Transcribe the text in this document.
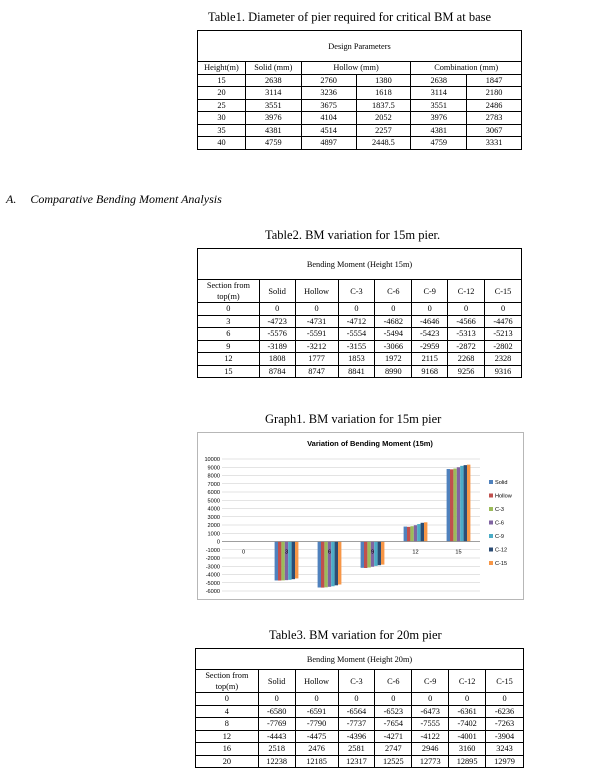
Table1. Diameter of pier required for critical BM at base
Design Parameters					
Height(m)	Solid (mm)	Hollow (mm)		Combination (mm)	
15	2638	2760	1380	2638	1847
20	3114	3236	1618	3114	2180
25	3551	3675	1837.5	3551	2486
30	3976	4104	2052	3976	2783
35	4381	4514	2257	4381	3067
40	4759	4897	2448.5	4759	3331
A. Comparative Bending Moment Analysis
Table2. BM variation for 15m pier.
Bending Moment (Height 15m)							
Section from top(m)	Solid	Hollow	C-3	C-6	C-9	C-12	C-15
0	0	0	0	0	0	0	0
3	-4723	-4731	-4712	-4682	-4646	-4566	-4476
6	-5576	-5591	-5554	-5494	-5423	-5313	-5213
9	-3189	-3212	-3155	-3066	-2959	-2872	-2802
12	1808	1777	1853	1972	2115	2268	2328
15	8784	8747	8841	8990	9168	9256	9316
Graph1. BM variation for 15m pier
Variation of Bending Moment (15m)
10000
9000
8000
7000
6000
5000
4000
3000
2000
1000
0
-1000
-2000
-3000
-4000
-5000
-6000
0	3	6	9	12	15
Solid
Hollow
C-3
C-6
C-9
C-12
C-15
Table3. BM variation for 20m pier
Bending Moment (Height 20m)							
Section from top(m)	Solid	Hollow	C-3	C-6	C-9	C-12	C-15
0	0	0	0	0	0	0	0
4	-6580	-6591	-6564	-6523	-6473	-6361	-6236
8	-7769	-7790	-7737	-7654	-7555	-7402	-7263
12	-4443	-4475	-4396	-4271	-4122	-4001	-3904
16	2518	2476	2581	2747	2946	3160	3243
20	12238	12185	12317	12525	12773	12895	12979
